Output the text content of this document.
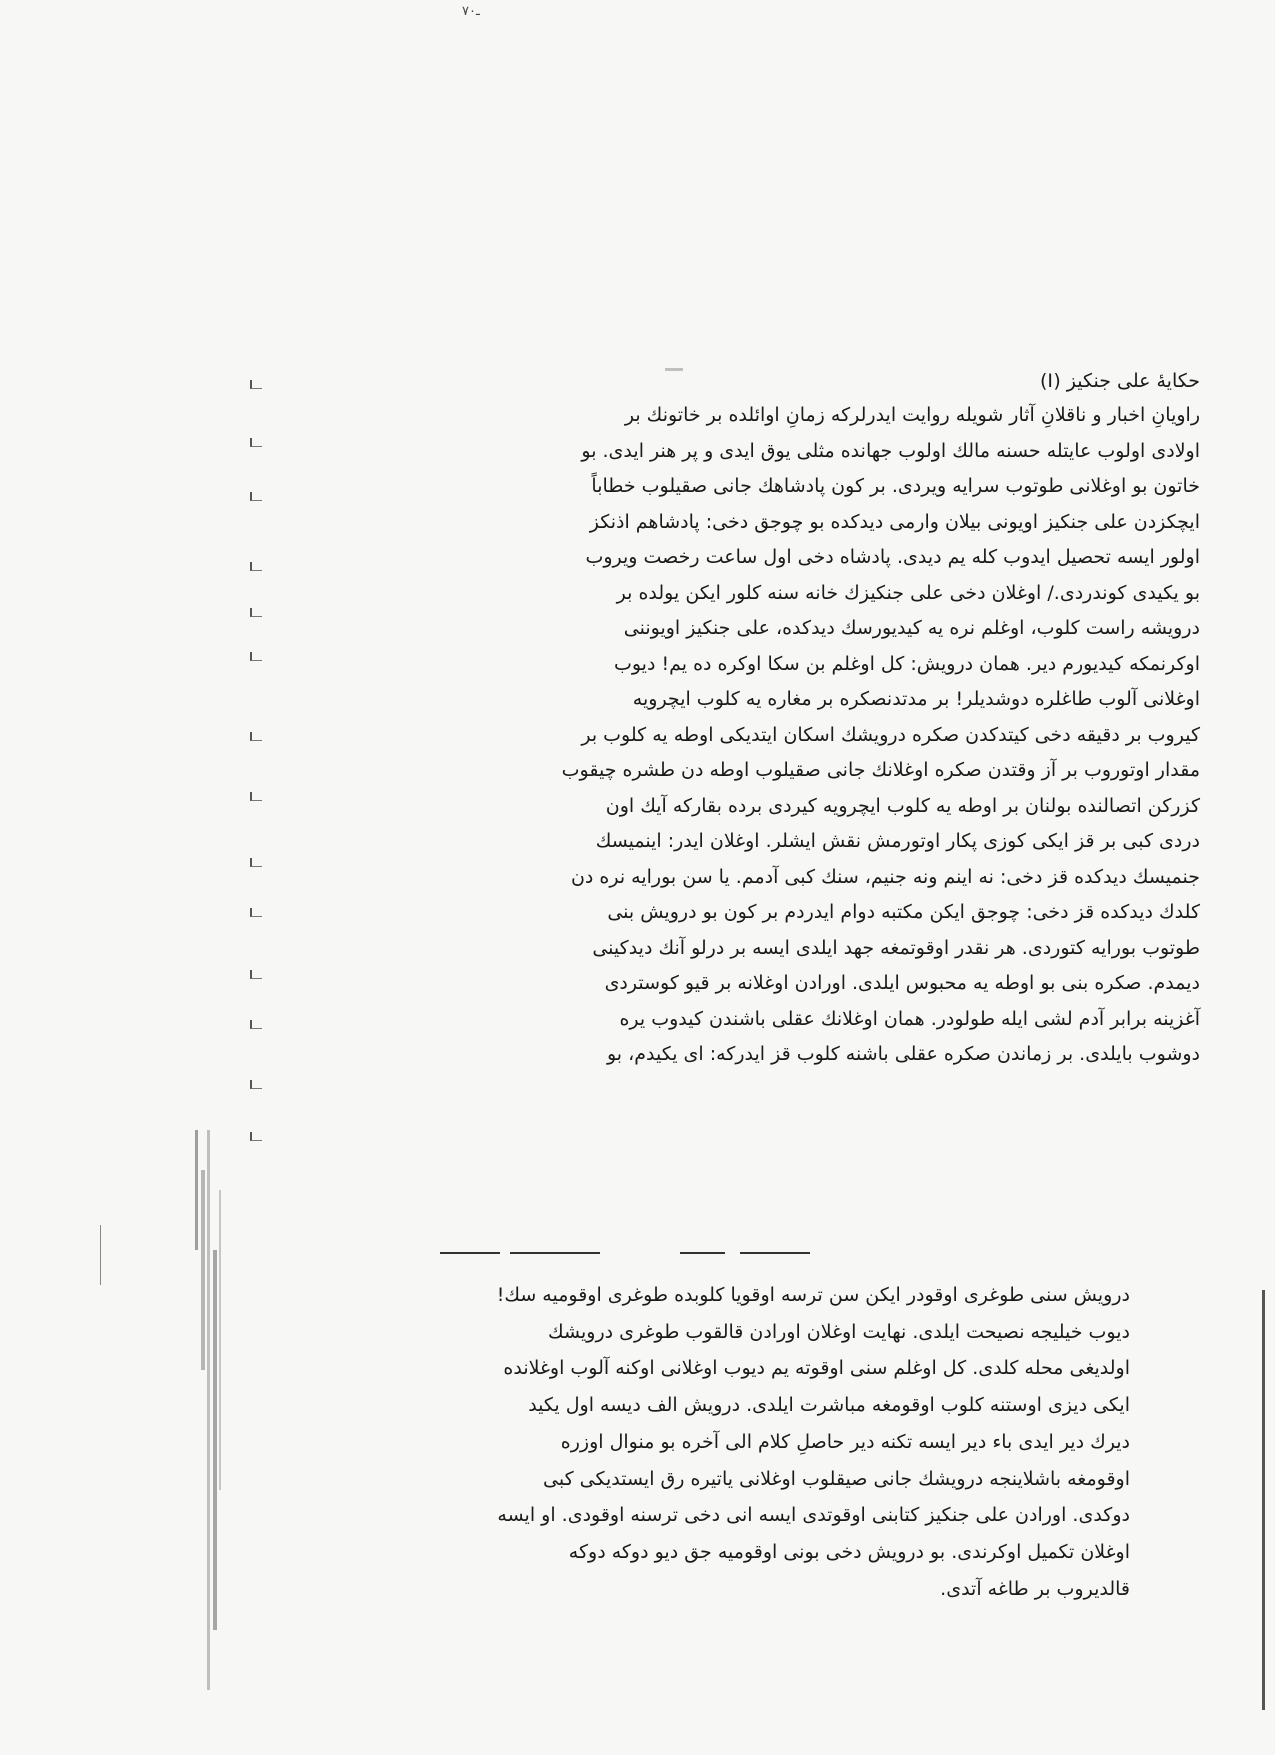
ـ٧٠
حكايهٔ على جنكيز (I)
راويانِ اخبار و ناقلانِ آثار شويله روايت ايدرلركه زمانِ اوائلده بر خاتونك بر
اولادى اولوب عايتله حسنه مالك اولوب جهانده مثلى يوق ايدى و پر هنر ايدى. بو
خاتون بو اوغلانى طوتوب سرايه ويردى. بر كون پادشاهك جانى صقيلوب خطاباً
ايچكزدن على جنكيز اويونى بيلان وارمى ديدكده بو چوجق دخى: پادشاهم اذنكز
اولور ايسه تحصيل ايدوب كله يم ديدى. پادشاه دخى اول ساعت رخصت ويروب
بو يكيدى كوندردى./ اوغلان دخى على جنكيزك خانه سنه كلور ايكن يولده بر
درويشه راست كلوب، اوغلم نره يه كيديورسك ديدكده، على جنكيز اويوننى
اوكرنمكه كيديورم دير. همان درويش: كل اوغلم بن سكا اوكره ده يم! ديوب
اوغلانى آلوب طاغلره دوشديلر! بر مدتدنصكره بر مغاره يه كلوب ايچرويه
كيروب بر دقيقه دخى كيتدكدن صكره درويشك اسكان ايتديكى اوطه يه كلوب بر
مقدار اوتوروب بر آز وقتدن صكره اوغلانك جانى صقيلوب اوطه دن طشره چيقوب
كزركن اتصالنده بولنان بر اوطه يه كلوب ايچرويه كيردى برده بقاركه آيك اون
دردى كبى بر قز ايكى كوزى پكار اوتورمش نقش ايشلر. اوغلان ايدر: اينميسك
جنميسك ديدكده قز دخى: نه اينم ونه جنيم، سنك كبى آدمم. يا سن بورايه نره دن
كلدك ديدكده قز دخى: چوجق ايكن مكتبه دوام ايدردم بر كون بو درويش بنى
طوتوب بورايه كتوردى. هر نقدر اوقوتمغه جهد ايلدى ايسه بر درلو آنك ديدكينى
ديمدم. صكره بنى بو اوطه يه محبوس ايلدى. اورادن اوغلانه بر قيو كوستردى
آغزينه برابر آدم لشى ايله طولودر. همان اوغلانك عقلى باشندن كيدوب يره
دوشوب بايلدى. بر زماندن صكره عقلى باشنه كلوب قز ايدركه: اى يكيدم، بو
درويش سنى طوغرى اوقودر ايكن سن ترسه اوقويا كلوبده طوغرى اوقوميه سك!
ديوب خيليجه نصيحت ايلدى. نهايت اوغلان اورادن قالقوب طوغرى درويشك
اولديغى محله كلدى. كل اوغلم سنى اوقوته يم ديوب اوغلانى اوكنه آلوب اوغلانده
ايكى ديزى اوستنه كلوب اوقومغه مباشرت ايلدى. درويش الف ديسه اول يكيد
ديرك دير ايدى باء دير ايسه تكنه دير حاصلِ كلام الى آخره بو منوال اوزره
اوقومغه باشلاينجه درويشك جانى صيقلوب اوغلانى ياتيره رق ايستديكى كبى
دوكدى. اورادن على جنكيز كتابنى اوقوتدى ايسه انى دخى ترسنه اوقودى. او ايسه
اوغلان تكميل اوكرندى. بو درويش دخى بونى اوقوميه جق ديو دوكه دوكه
قالديروب بر طاغه آتدى.
